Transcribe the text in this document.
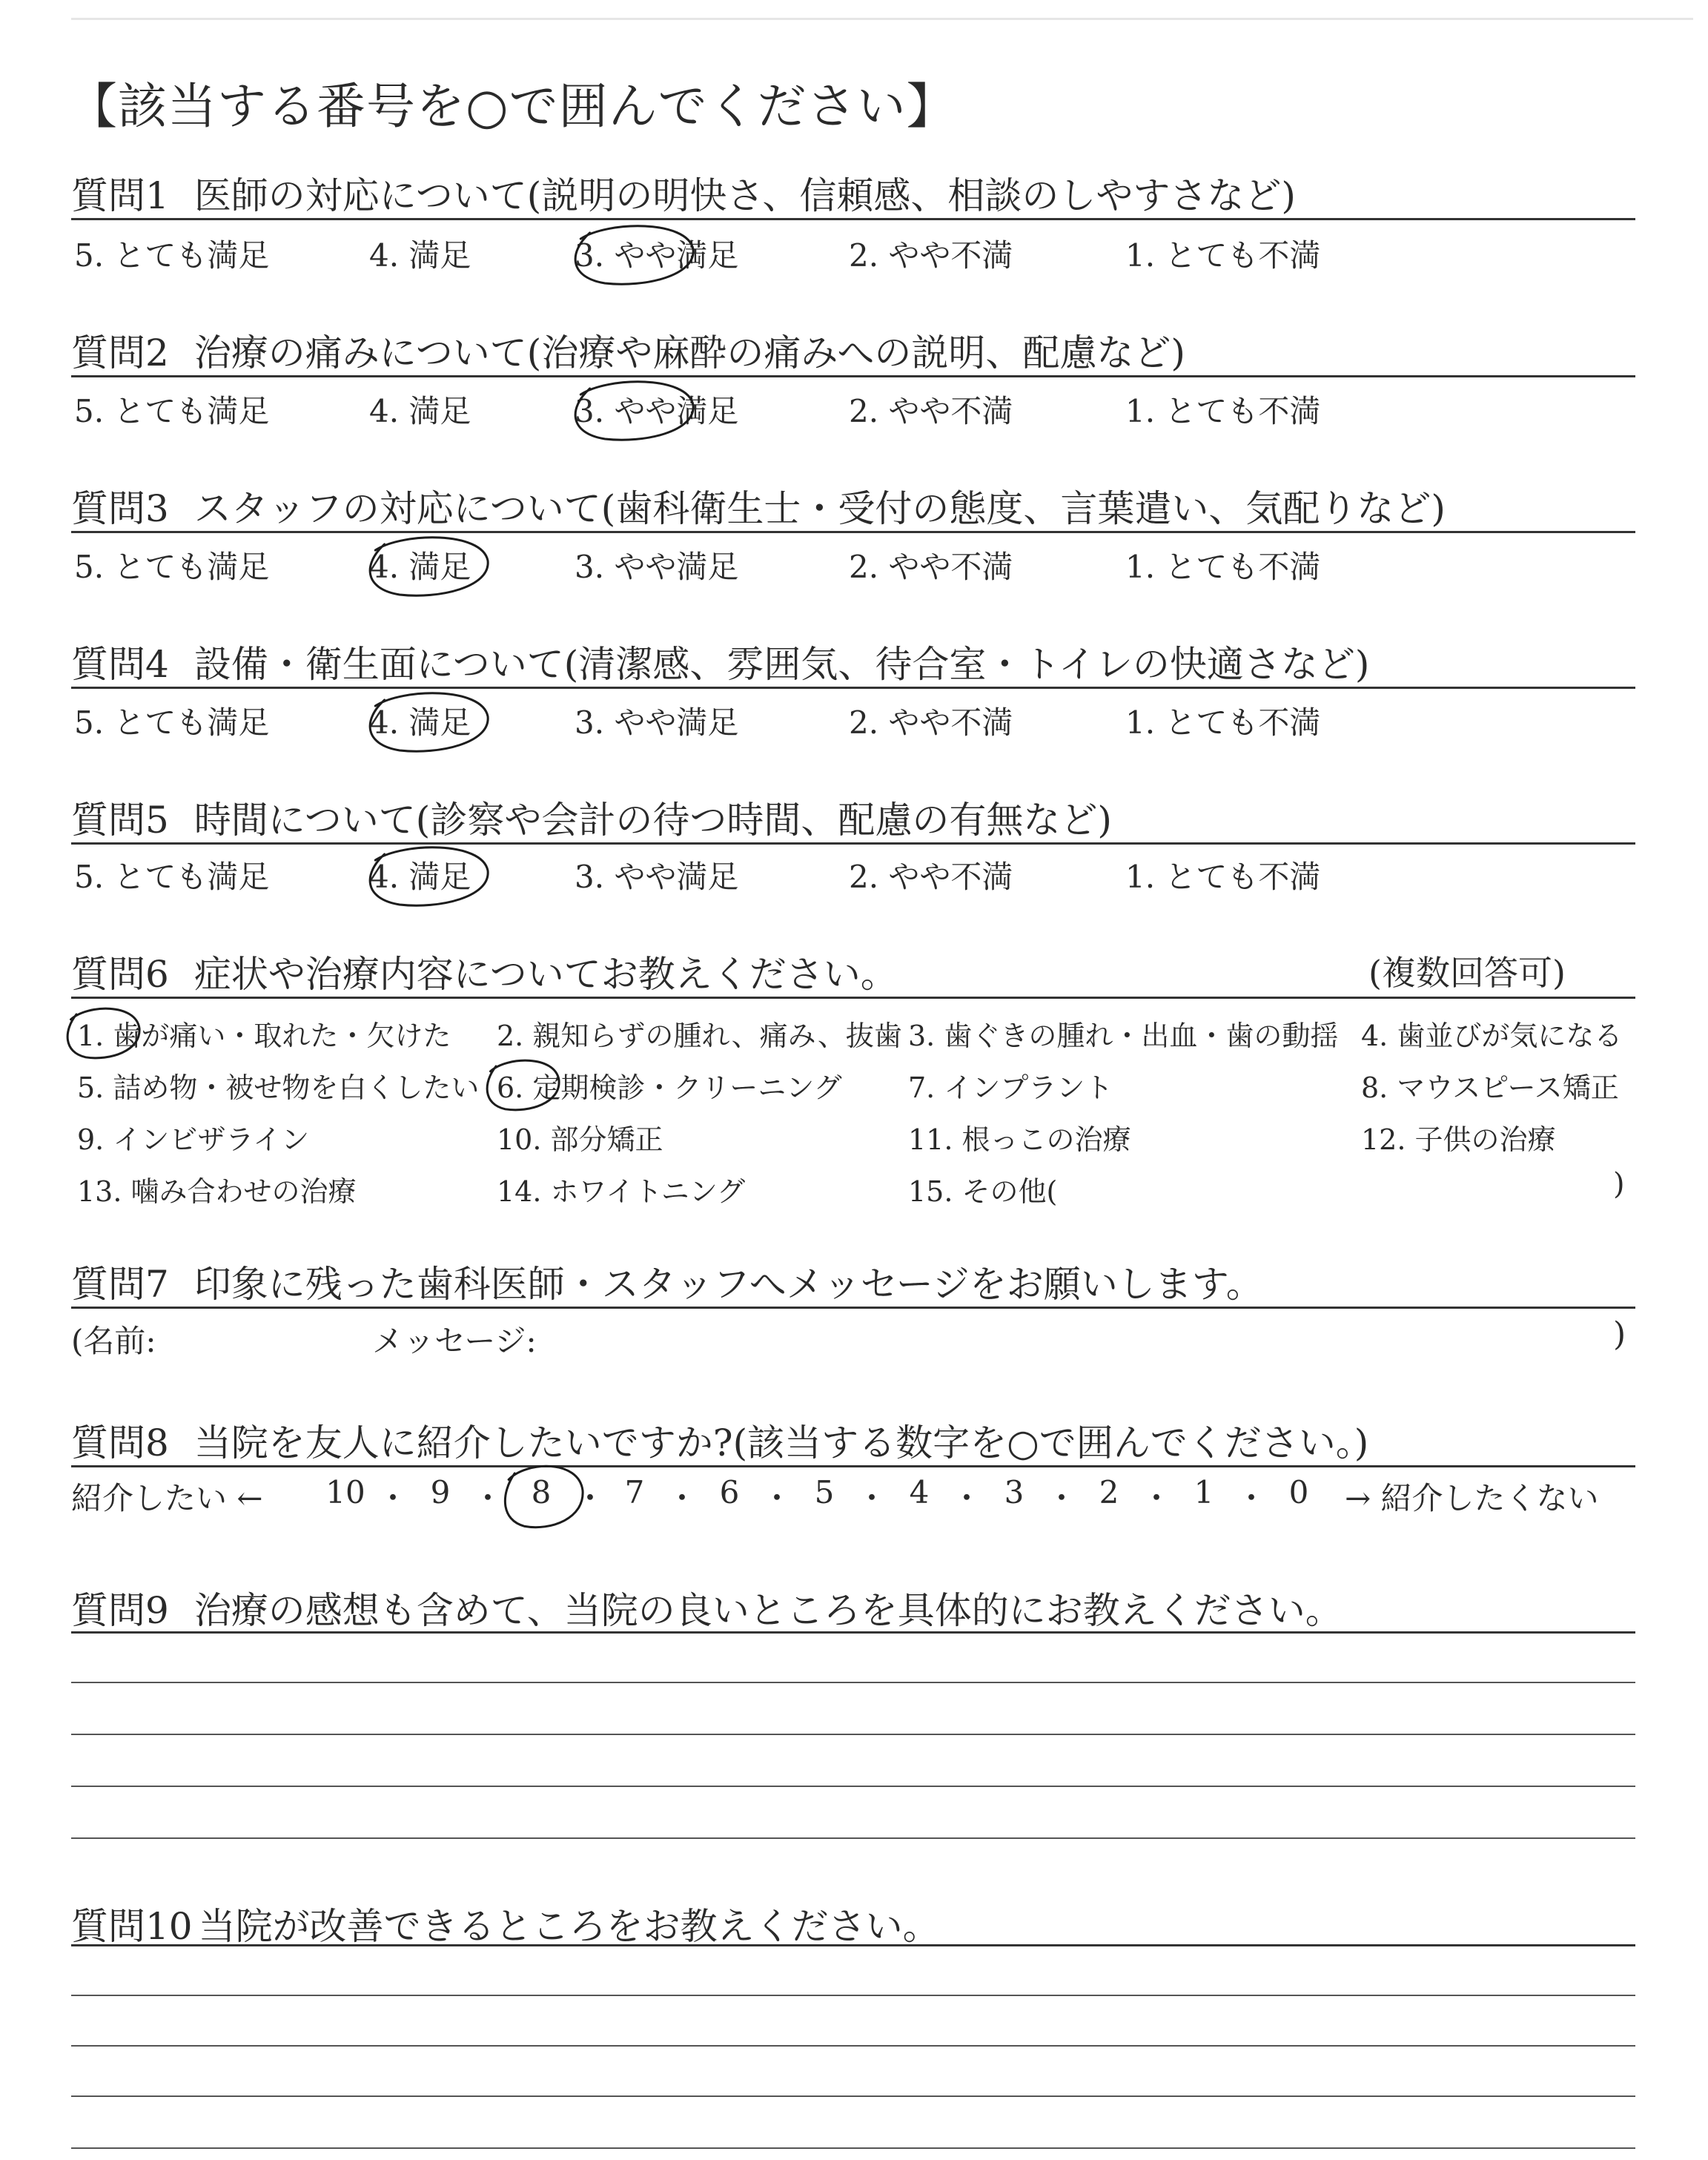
【該当する番号を○で囲んでください】
質問1 医師の対応について(説明の明快さ、信頼感、相談のしやすさなど)
5. とても満足	4. 満足	3. やや満足	2. やや不満	1. とても不満
質問2 治療の痛みについて(治療や麻酔の痛みへの説明、配慮など)
5. とても満足	4. 満足	3. やや満足	2. やや不満	1. とても不満
質問3 スタッフの対応について(歯科衛生士・受付の態度、言葉遣い、気配りなど)
5. とても満足	4. 満足	3. やや満足	2. やや不満	1. とても不満
質問4 設備・衛生面について(清潔感、雰囲気、待合室・トイレの快適さなど)
5. とても満足	4. 満足	3. やや満足	2. やや不満	1. とても不満
質問5 時間について(診察や会計の待つ時間、配慮の有無など)
5. とても満足	4. 満足	3. やや満足	2. やや不満	1. とても不満
質問6 症状や治療内容についてお教えください。	(複数回答可)
1. 歯が痛い・取れた・欠けた 2. 親知らずの腫れ、痛み、抜歯 3. 歯ぐきの腫れ・出血・歯の動揺 4. 歯並びが気になる
5. 詰め物・被せ物を白くしたい 6. 定期検診・クリーニング 7. インプラント	8. マウスピース矯正
9. インビザライン	10. 部分矯正	11. 根っこの治療	12. 子供の治療
13. 噛み合わせの治療	14. ホワイトニング	15. その他(	)
質問7 印象に残った歯科医師・スタッフへメッセージをお願いします。
(名前:	メッセージ:	)
質問8 当院を友人に紹介したいですか?(該当する数字を○で囲んでください。)
紹介したい ←	→ 紹介したくない
10 ・ 9 ・ 8 ・ 7 ・ 6 ・ 5 ・ 4 ・ 3 ・ 2 ・ 1 ・ 0
質問9 治療の感想も含めて、当院の良いところを具体的にお教えください。
質問10 当院が改善できるところをお教えください。
